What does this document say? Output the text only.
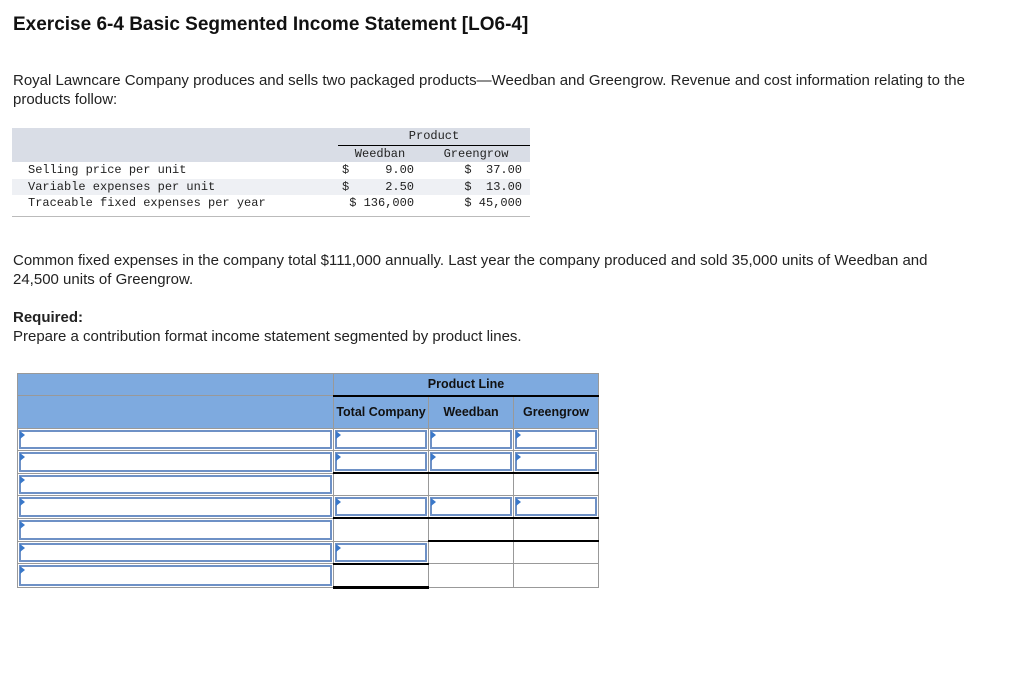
Exercise 6-4 Basic Segmented Income Statement [LO6-4]

Royal Lawncare Company produces and sells two packaged products—Weedban and Greengrow. Revenue and cost information relating to the products follow:

	Product	
	Weedban	Greengrow
Selling price per unit	$     9.00	$  37.00
Variable expenses per unit	$     2.50	$  13.00
Traceable fixed expenses per year	$ 136,000	$ 45,000

Common fixed expenses in the company total $111,000 annually. Last year the company produced and sold 35,000 units of Weedban and 24,500 units of Greengrow.

Required:

Prepare a contribution format income statement segmented by product lines.

	Product Line		
	Total Company	Weedban	Greengrow
